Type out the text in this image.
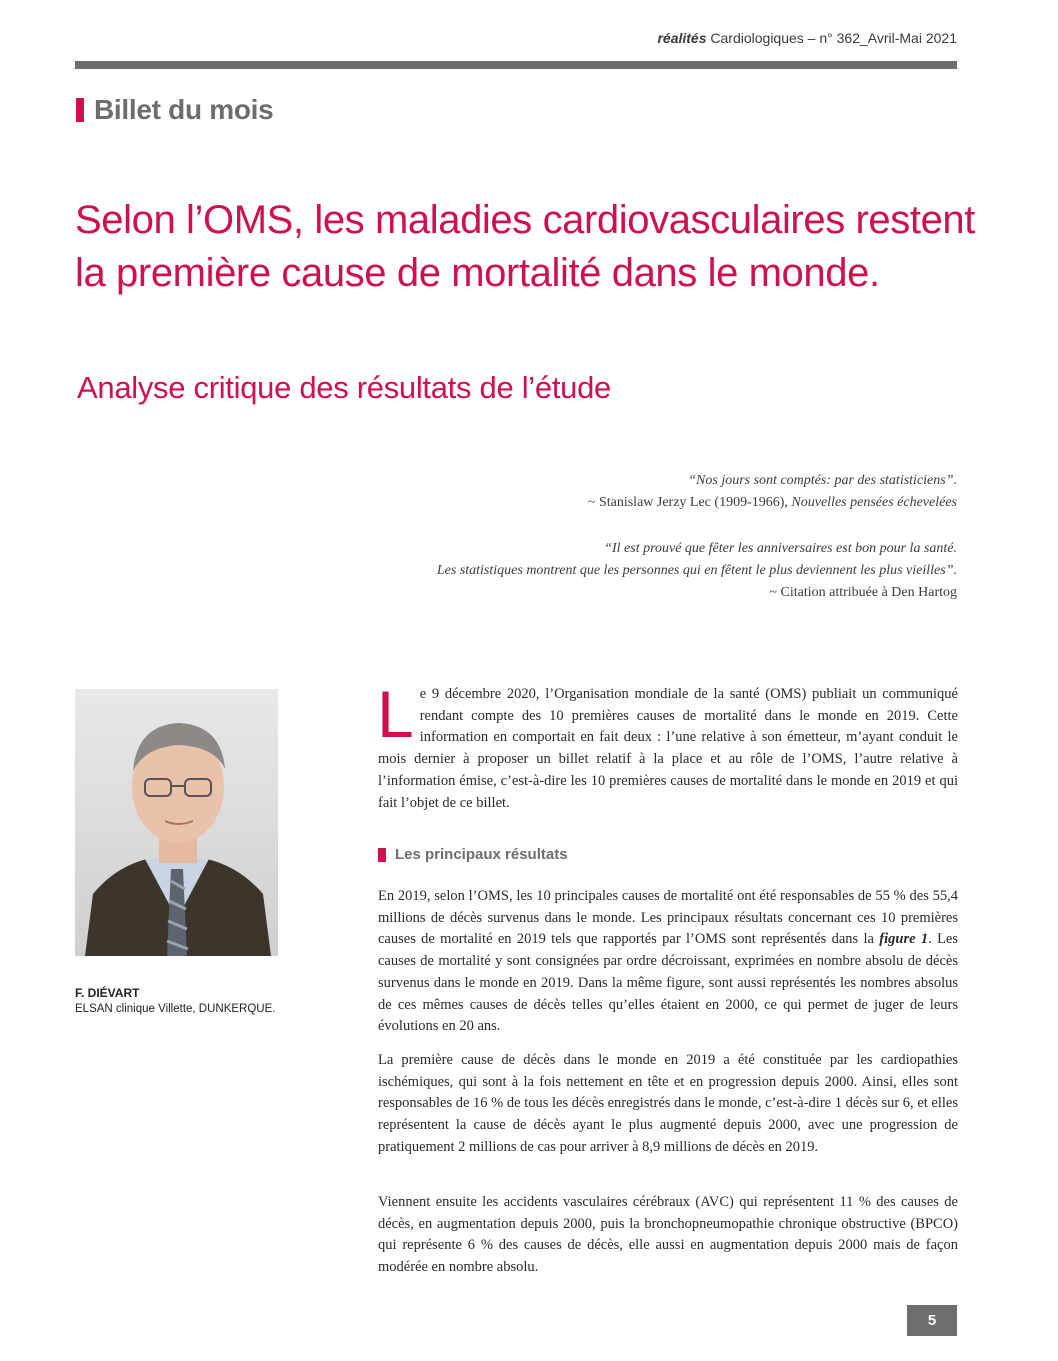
réalités Cardiologiques – n° 362_Avril-Mai 2021
Billet du mois
Selon l’OMS, les maladies cardiovasculaires restent la première cause de mortalité dans le monde.
Analyse critique des résultats de l’étude
“Nos jours sont comptés: par des statisticiens”.
~ Stanislaw Jerzy Lec (1909-1966), Nouvelles pensées échevelées
“Il est prouvé que fêter les anniversaires est bon pour la santé.
Les statistiques montrent que les personnes qui en fêtent le plus deviennent les plus vieilles”.
~ Citation attribuée à Den Hartog
F. DIÉVART
ELSAN clinique Villette, DUNKERQUE.

Le 9 décembre 2020, l’Organisation mondiale de la santé (OMS) publiait un communiqué rendant compte des 10 premières causes de mortalité dans le monde en 2019. Cette information en comportait en fait deux : l’une relative à son émetteur, m’ayant conduit le mois dernier à proposer un billet relatif à la place et au rôle de l’OMS, l’autre relative à l’information émise, c’est-à-dire les 10 premières causes de mortalité dans le monde en 2019 et qui fait l’objet de ce billet.

Les principaux résultats

En 2019, selon l’OMS, les 10 principales causes de mortalité ont été responsables de 55 % des 55,4 millions de décès survenus dans le monde. Les principaux résultats concernant ces 10 premières causes de mortalité en 2019 tels que rapportés par l’OMS sont représentés dans la figure 1. Les causes de mortalité y sont consignées par ordre décroissant, exprimées en nombre absolu de décès survenus dans le monde en 2019. Dans la même figure, sont aussi représentés les nombres absolus de ces mêmes causes de décès telles qu’elles étaient en 2000, ce qui permet de juger de leurs évolutions en 20 ans.

La première cause de décès dans le monde en 2019 a été constituée par les cardiopathies ischémiques, qui sont à la fois nettement en tête et en progression depuis 2000. Ainsi, elles sont responsables de 16 % de tous les décès enregistrés dans le monde, c’est-à-dire 1 décès sur 6, et elles représentent la cause de décès ayant le plus augmenté depuis 2000, avec une progression de pratiquement 2 millions de cas pour arriver à 8,9 millions de décès en 2019.

Viennent ensuite les accidents vasculaires cérébraux (AVC) qui représentent 11 % des causes de décès, en augmentation depuis 2000, puis la bronchopneumopathie chronique obstructive (BPCO) qui représente 6 % des causes de décès, elle aussi en augmentation depuis 2000 mais de façon modérée en nombre absolu.

5
